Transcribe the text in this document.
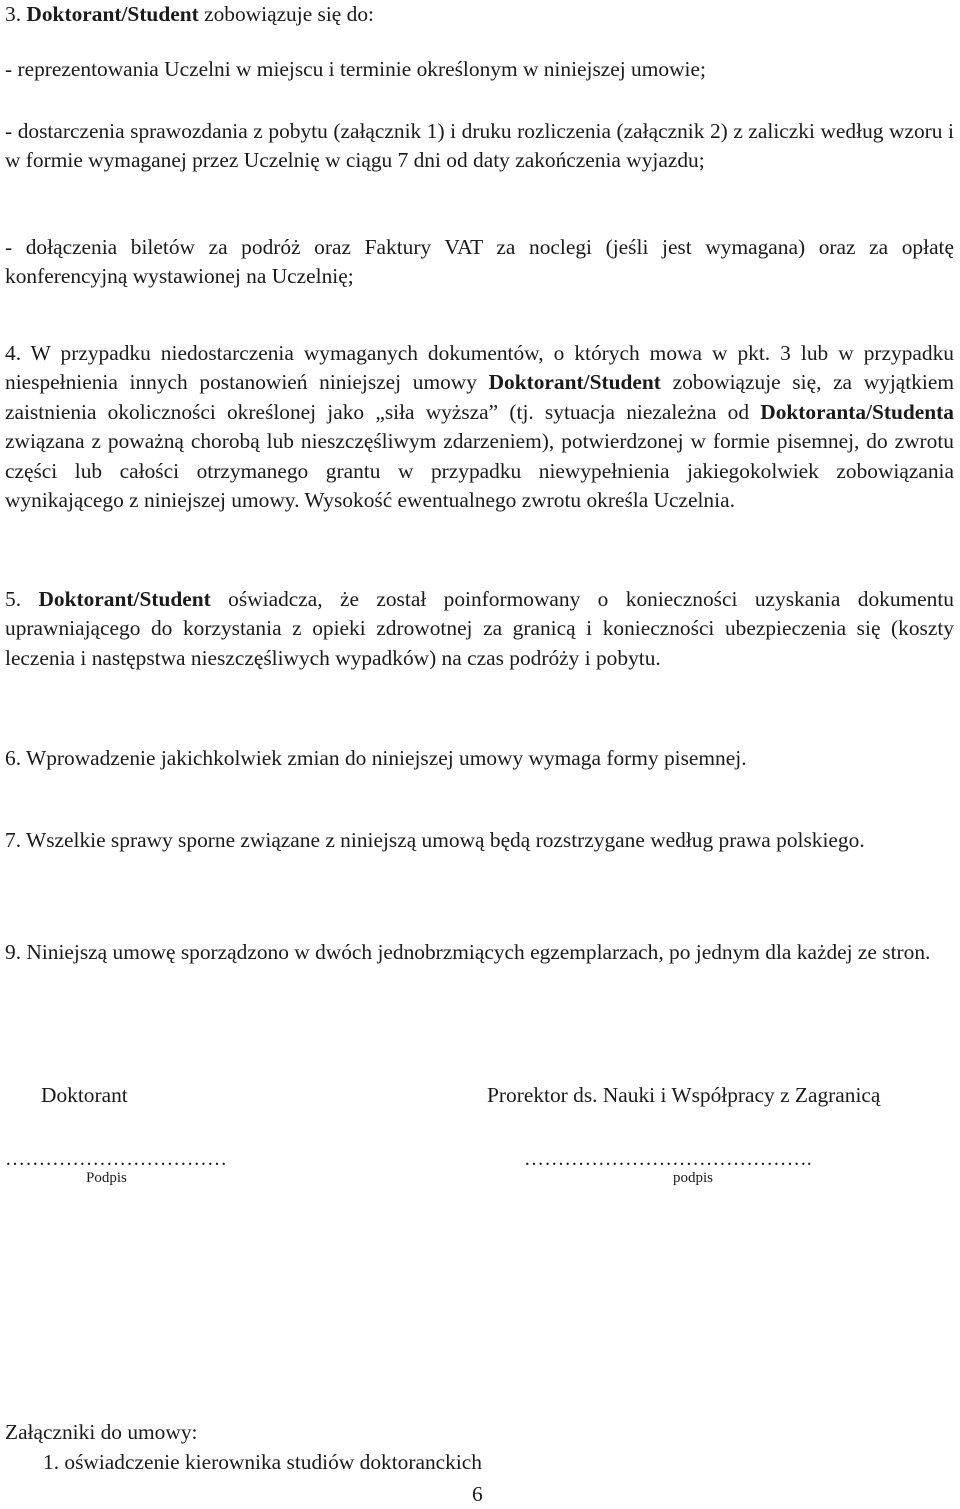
3. Doktorant/Student zobowiązuje się do:

- reprezentowania Uczelni w miejscu i terminie określonym w niniejszej umowie;

- dostarczenia sprawozdania z pobytu (załącznik 1) i druku rozliczenia (załącznik 2) z zaliczki według wzoru i w formie wymaganej przez Uczelnię w ciągu 7 dni od daty zakończenia wyjazdu;

- dołączenia biletów za podróż oraz Faktury VAT za noclegi (jeśli jest wymagana) oraz za opłatę konferencyjną wystawionej na Uczelnię;

4. W przypadku niedostarczenia wymaganych dokumentów, o których mowa w pkt. 3 lub w przypadku niespełnienia innych postanowień niniejszej umowy Doktorant/Student zobowiązuje się, za wyjątkiem zaistnienia okoliczności określonej jako „siła wyższa” (tj. sytuacja niezależna od Doktoranta/Studenta związana z poważną chorobą lub nieszczęśliwym zdarzeniem), potwierdzonej w formie pisemnej, do zwrotu części lub całości otrzymanego grantu w przypadku niewypełnienia jakiegokolwiek zobowiązania wynikającego z niniejszej umowy. Wysokość ewentualnego zwrotu określa Uczelnia.

5. Doktorant/Student oświadcza, że został poinformowany o konieczności uzyskania dokumentu uprawniającego do korzystania z opieki zdrowotnej za granicą i konieczności ubezpieczenia się (koszty leczenia i następstwa nieszczęśliwych wypadków) na czas podróży i pobytu.

6. Wprowadzenie jakichkolwiek zmian do niniejszej umowy wymaga formy pisemnej.

7. Wszelkie sprawy sporne związane z niniejszą umową będą rozstrzygane według prawa polskiego.

9. Niniejszą umowę sporządzono w dwóch jednobrzmiących egzemplarzach, po jednym dla każdej ze stron.

Doktorant	Prorektor ds. Nauki i Współpracy z Zagranicą

……………………………	…………………………………….

Podpis	podpis

Załączniki do umowy:

1. oświadczenie kierownika studiów doktoranckich

6
